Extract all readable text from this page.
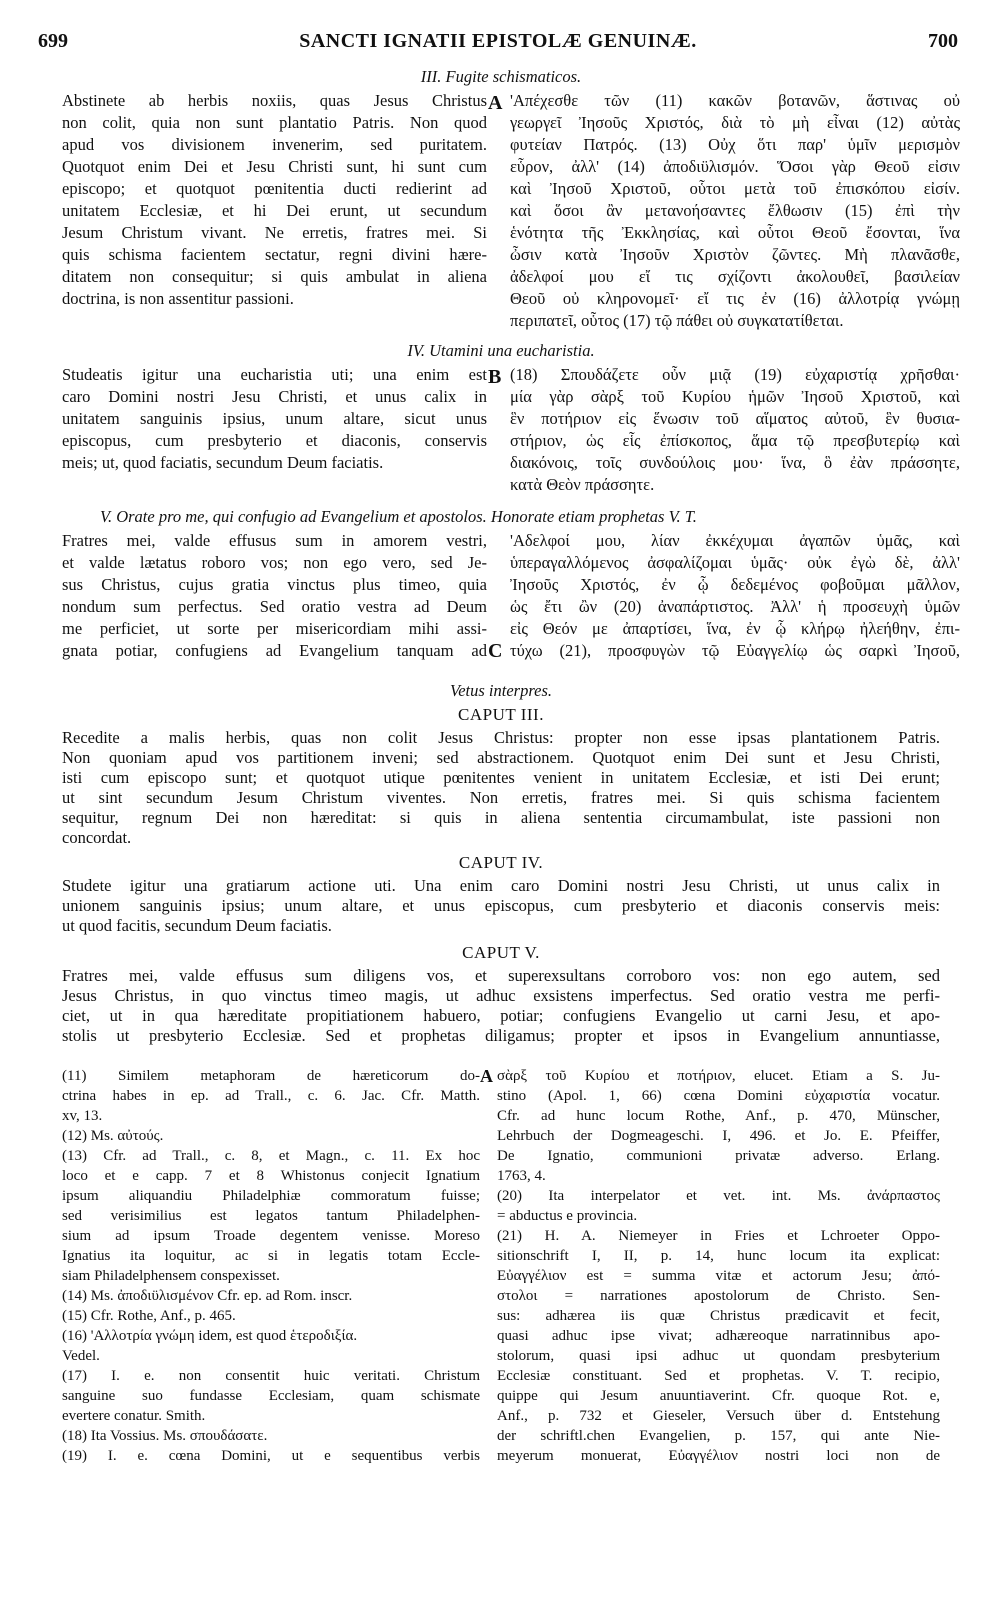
699	SANCTI IGNATII EPISTOLÆ GENUINÆ.	700
III. Fugite schismaticos.
A
Abstinete ab herbis noxiis, quas Jesus Christus
non colit, quia non sunt plantatio Patris. Non quod
apud vos divisionem invenerim, sed puritatem.
Quotquot enim Dei et Jesu Christi sunt, hi sunt cum
episcopo; et quotquot pœnitentia ducti redierint ad
unitatem Ecclesiæ, et hi Dei erunt, ut secundum
Jesum Christum vivant. Ne erretis, fratres mei. Si
quis schisma facientem sectatur, regni divini hære-
ditatem non consequitur; si quis ambulat in aliena
doctrina, is non assentitur passioni.
'Απέχεσθε τῶν (11) κακῶν βοτανῶν, ἅστινας οὐ
γεωργεῖ Ἰησοῦς Χριστός, διὰ τὸ μὴ εἶναι (12) αὐτὰς
φυτείαν Πατρός. (13) Οὐχ ὅτι παρ' ὑμῖν μερισμὸν
εὗρον, ἀλλ' (14) ἀποδιϋλισμόν. Ὅσοι γὰρ Θεοῦ εἰσιν
καὶ Ἰησοῦ Χριστοῦ, οὗτοι μετὰ τοῦ ἐπισκόπου εἰσίν.
καὶ ὅσοι ἂν μετανοήσαντες ἔλθωσιν (15) ἐπὶ τὴν
ἑνότητα τῆς Ἐκκλησίας, καὶ οὗτοι Θεοῦ ἔσονται, ἵνα
ὦσιν κατὰ Ἰησοῦν Χριστὸν ζῶντες. Μὴ πλανᾶσθε,
ἀδελφοί μου εἴ τις σχίζοντι ἀκολουθεῖ, βασιλείαν
Θεοῦ οὐ κληρονομεῖ· εἴ τις ἐν (16) ἀλλοτρίᾳ γνώμῃ
περιπατεῖ, οὗτος (17) τῷ πάθει οὐ συγκατατίθεται.
IV. Utamini una eucharistia.
B
Studeatis igitur una eucharistia uti; una enim est
caro Domini nostri Jesu Christi, et unus calix in
unitatem sanguinis ipsius, unum altare, sicut unus
episcopus, cum presbyterio et diaconis, conservis
meis; ut, quod faciatis, secundum Deum faciatis.
(18) Σπουδάζετε οὖν μιᾷ (19) εὐχαριστίᾳ χρῆσθαι·
μία γὰρ σὰρξ τοῦ Κυρίου ἡμῶν Ἰησοῦ Χριστοῦ, καὶ
ἓν ποτήριον εἰς ἕνωσιν τοῦ αἵματος αὐτοῦ, ἓν θυσια-
στήριον, ὡς εἷς ἐπίσκοπος, ἅμα τῷ πρεσβυτερίῳ καὶ
διακόνοις, τοῖς συνδούλοις μου· ἵνα, ὃ ἐὰν πράσσητε,
κατὰ Θεὸν πράσσητε.
V. Orate pro me, qui confugio ad Evangelium et apostolos. Honorate etiam prophetas V. T.
C
Fratres mei, valde effusus sum in amorem vestri,
et valde lætatus roboro vos; non ego vero, sed Je-
sus Christus, cujus gratia vinctus plus timeo, quia
nondum sum perfectus. Sed oratio vestra ad Deum
me perficiet, ut sorte per misericordiam mihi assi-
gnata potiar, confugiens ad Evangelium tanquam ad
'Αδελφοί μου, λίαν ἐκκέχυμαι ἀγαπῶν ὑμᾶς, καὶ
ὑπεραγαλλόμενος ἀσφαλίζομαι ὑμᾶς· οὐκ ἐγὼ δὲ, ἀλλ'
Ἰησοῦς Χριστός, ἐν ᾧ δεδεμένος φοβοῦμαι μᾶλλον,
ὡς ἔτι ὢν (20) ἀναπάρτιστος. Ἀλλ' ἡ προσευχὴ ὑμῶν
εἰς Θεόν με ἀπαρτίσει, ἵνα, ἐν ᾧ κλήρῳ ἠλεήθην, ἐπι-
τύχω (21), προσφυγὼν τῷ Εὐαγγελίῳ ὡς σαρκὶ Ἰησοῦ,
Vetus interpres.
CAPUT III.
Recedite a malis herbis, quas non colit Jesus Christus: propter non esse ipsas plantationem Patris.
Non quoniam apud vos partitionem inveni; sed abstractionem. Quotquot enim Dei sunt et Jesu Christi,
isti cum episcopo sunt; et quotquot utique pœnitentes venient in unitatem Ecclesiæ, et isti Dei erunt;
ut sint secundum Jesum Christum viventes. Non erretis, fratres mei. Si quis schisma facientem
sequitur, regnum Dei non hæreditat: si quis in aliena sententia circumambulat, iste passioni non
concordat.
CAPUT IV.
Studete igitur una gratiarum actione uti. Una enim caro Domini nostri Jesu Christi, ut unus calix in
unionem sanguinis ipsius; unum altare, et unus episcopus, cum presbyterio et diaconis conservis meis:
ut quod facitis, secundum Deum faciatis.
CAPUT V.
Fratres mei, valde effusus sum diligens vos, et superexsultans corroboro vos: non ego autem, sed
Jesus Christus, in quo vinctus timeo magis, ut adhuc exsistens imperfectus. Sed oratio vestra me perfi-
ciet, ut in qua hæreditate propitiationem habuero, potiar; confugiens Evangelio ut carni Jesu, et apo-
stolis ut presbyterio Ecclesiæ. Sed et prophetas diligamus; propter et ipsos in Evangelium annuntiasse,
A
(11) Similem metaphoram de hæreticorum do-
ctrina habes in ep. ad Trall., c. 6. Jac. Cfr. Matth.
xv, 13.
(12) Ms. αὐτούς.
(13) Cfr. ad Trall., c. 8, et Magn., c. 11. Ex hoc
loco et e capp. 7 et 8 Whistonus conjecit Ignatium
ipsum aliquandiu Philadelphiæ commoratum fuisse;
sed verisimilius est legatos tantum Philadelphen-
sium ad ipsum Troade degentem venisse. Moreso
Ignatius ita loquitur, ac si in legatis totam Eccle-
siam Philadelphensem conspexisset.
(14) Ms. ἀποδιϋλισμένον Cfr. ep. ad Rom. inscr.
(15) Cfr. Rothe, Anf., p. 465.
(16) 'Αλλοτρία γνώμη idem, est quod ἑτεροδιξία.
Vedel.
(17) I. e. non consentit huic veritati. Christum
sanguine suo fundasse Ecclesiam, quam schismate
evertere conatur. Smith.
(18) Ita Vossius. Ms. σπουδάσατε.
(19) I. e. cœna Domini, ut e sequentibus verbis
σὰρξ τοῦ Κυρίου et ποτήριον, elucet. Etiam a S. Ju-
stino (Apol. 1, 66) cœna Domini εὐχαριστία vocatur.
Cfr. ad hunc locum Rothe, Anf., p. 470, Münscher,
Lehrbuch der Dogmeageschi. I, 496. et Jo. E. Pfeiffer,
De Ignatio, communioni privatæ adverso. Erlang.
1763, 4.
(20) Ita interpelator et vet. int. Ms. ἀνάρπαστος
= abductus e provincia.
(21) H. A. Niemeyer in Fries et Lchroeter Oppo-
sitionschrift I, II, p. 14, hunc locum ita explicat:
Εὐαγγέλιον est = summa vitæ et actorum Jesu; ἀπό-
στολοι = narrationes apostolorum de Christo. Sen-
sus: adhærea iis quæ Christus prædicavit et fecit,
quasi adhuc ipse vivat; adhæreoque narratinnibus apo-
stolorum, quasi ipsi adhuc ut quondam presbyterium
Ecclesiæ constituant. Sed et prophetas. V. T. recipio,
quippe qui Jesum anuuntiaverint. Cfr. quoque Rot. e,
Anf., p. 732 et Gieseler, Versuch über d. Entstehung
der schriftl.chen Evangelien, p. 157, qui ante Nie-
meyerum monuerat, Εὐαγγέλιον nostri loci non de
